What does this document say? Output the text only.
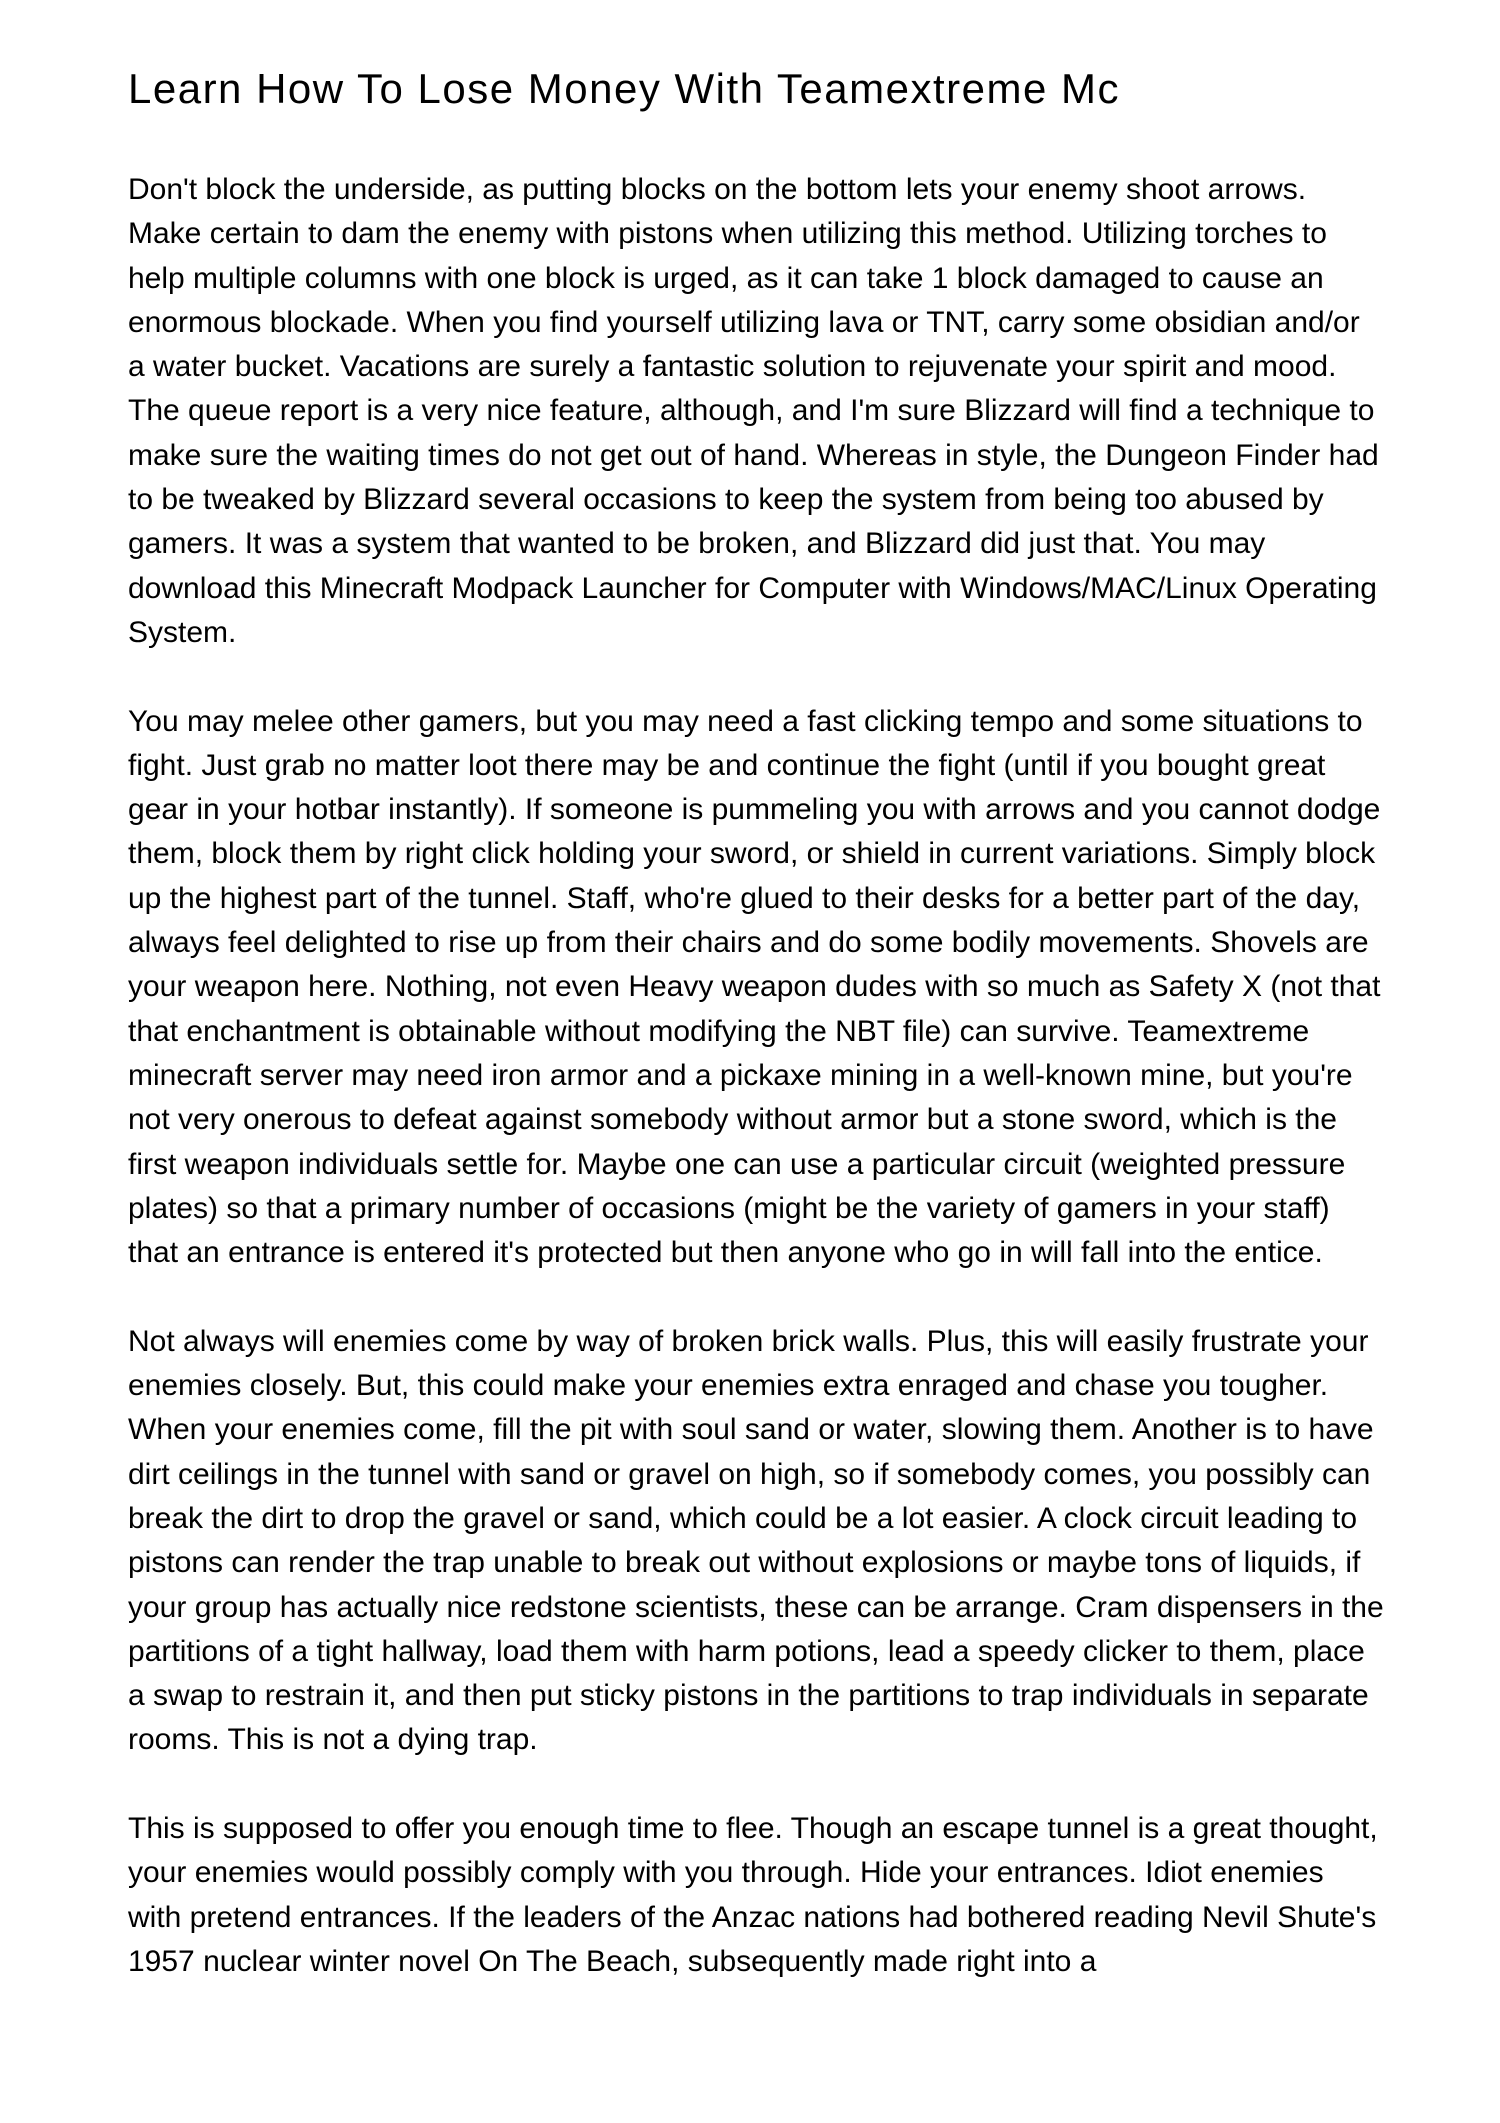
Learn How To Lose Money With Teamextreme Mc

Don't block the underside, as putting blocks on the bottom lets your enemy shoot arrows. Make certain to dam the enemy with pistons when utilizing this method. Utilizing torches to help multiple columns with one block is urged, as it can take 1 block damaged to cause an enormous blockade. When you find yourself utilizing lava or TNT, carry some obsidian and/or a water bucket. Vacations are surely a fantastic solution to rejuvenate your spirit and mood. The queue report is a very nice feature, although, and I'm sure Blizzard will find a technique to make sure the waiting times do not get out of hand. Whereas in style, the Dungeon Finder had to be tweaked by Blizzard several occasions to keep the system from being too abused by gamers. It was a system that wanted to be broken, and Blizzard did just that. You may download this Minecraft Modpack Launcher for Computer with Windows/MAC/Linux Operating System.

You may melee other gamers, but you may need a fast clicking tempo and some situations to fight. Just grab no matter loot there may be and continue the fight (until if you bought great gear in your hotbar instantly). If someone is pummeling you with arrows and you cannot dodge them, block them by right click holding your sword, or shield in current variations. Simply block up the highest part of the tunnel. Staff, who're glued to their desks for a better part of the day, always feel delighted to rise up from their chairs and do some bodily movements. Shovels are your weapon here. Nothing, not even Heavy weapon dudes with so much as Safety X (not that that enchantment is obtainable without modifying the NBT file) can survive. Teamextreme minecraft server may need iron armor and a pickaxe mining in a well-known mine, but you're not very onerous to defeat against somebody without armor but a stone sword, which is the first weapon individuals settle for. Maybe one can use a particular circuit (weighted pressure plates) so that a primary number of occasions (might be the variety of gamers in your staff) that an entrance is entered it's protected but then anyone who go in will fall into the entice.

Not always will enemies come by way of broken brick walls. Plus, this will easily frustrate your enemies closely. But, this could make your enemies extra enraged and chase you tougher. When your enemies come, fill the pit with soul sand or water, slowing them. Another is to have dirt ceilings in the tunnel with sand or gravel on high, so if somebody comes, you possibly can break the dirt to drop the gravel or sand, which could be a lot easier. A clock circuit leading to pistons can render the trap unable to break out without explosions or maybe tons of liquids, if your group has actually nice redstone scientists, these can be arrange. Cram dispensers in the partitions of a tight hallway, load them with harm potions, lead a speedy clicker to them, place a swap to restrain it, and then put sticky pistons in the partitions to trap individuals in separate rooms. This is not a dying trap.

This is supposed to offer you enough time to flee. Though an escape tunnel is a great thought, your enemies would possibly comply with you through. Hide your entrances. Idiot enemies with pretend entrances. If the leaders of the Anzac nations had bothered reading Nevil Shute's 1957 nuclear winter novel On The Beach, subsequently made right into a
